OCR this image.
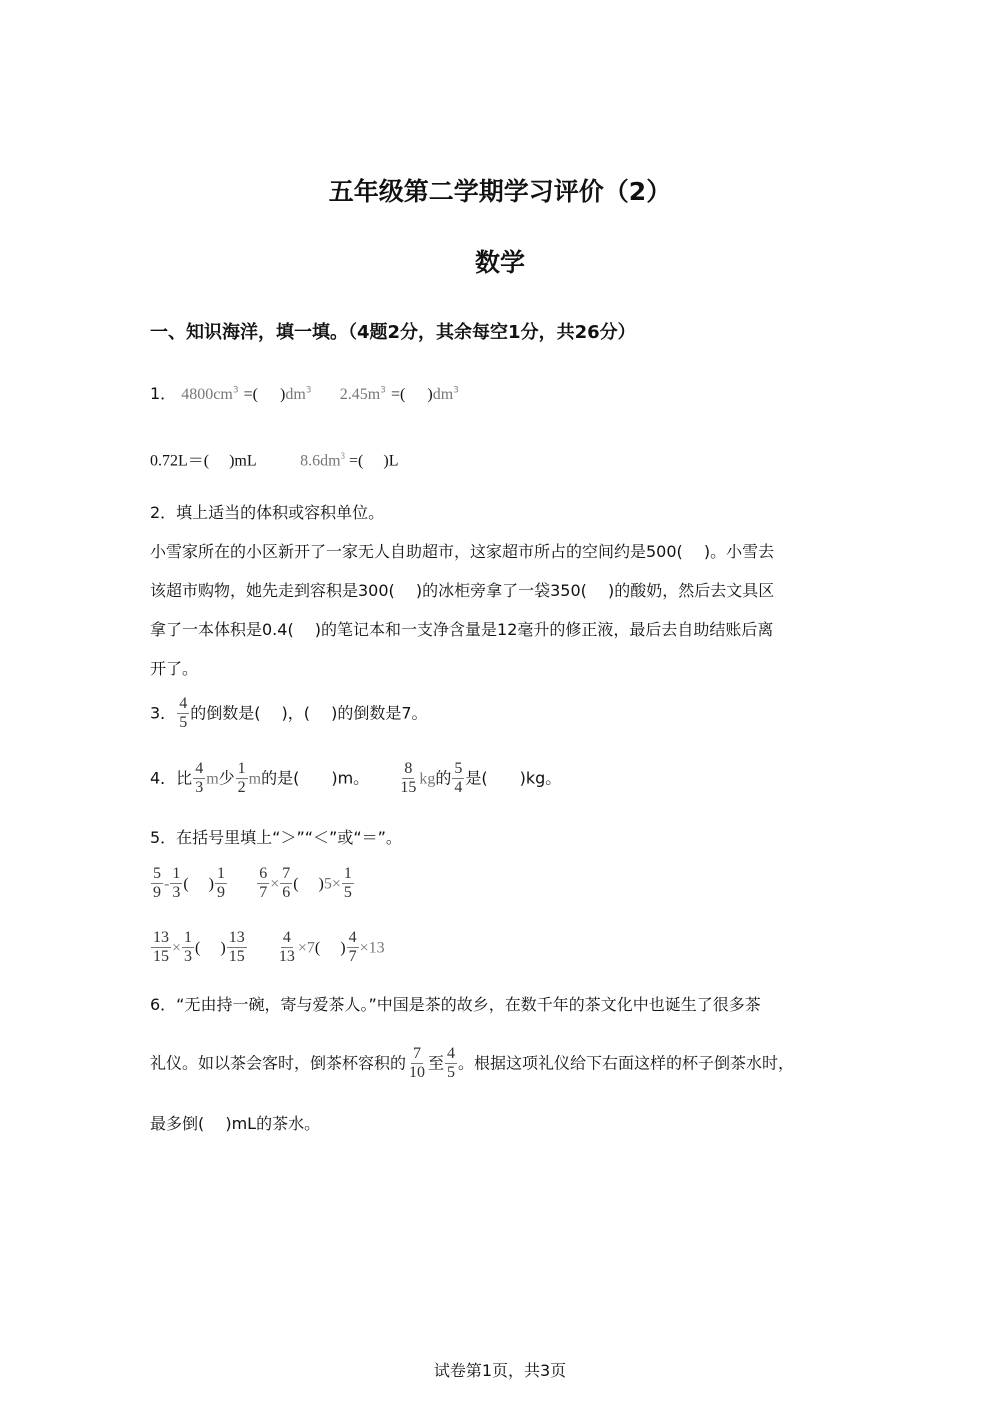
五年级第二学期学习评价（2）
数学
一、知识海洋，填一填。（4题2分，其余每空1分，共26分）
1． $4800cm^3$ =( )$dm^3$ $2.45m^3$ =( )$dm^3$
0.72L＝(　 )mL	$8.6dm^3$ =( )L
2．填上适当的体积或容积单位。
小雪家所在的小区新开了一家无人自助超市，这家超市所占的空间约是500(　 )。小雪去
该超市购物，她先走到容积是300(　 )的冰柜旁拿了一袋350(　 )的酸奶，然后去文具区
拿了一本体积是0.4(　 )的笔记本和一支净含量是12毫升的修正液，最后去自助结账后离
开了。
3． $\frac{4}{5}$ 的倒数是(　 )，(　 )的倒数是7。
4．比 $\frac{4}{3}$ m少 $\frac{1}{2}$ m的是(　　)m。 $\frac{8}{15}$ kg的 $\frac{5}{4}$ 是(　　)kg。
5．在括号里填上“＞”“＜”或“＝”。
$\frac{5}{9} - \frac{1}{3}$ (　 ) $\frac{1}{9}$
$\frac{6}{7} \times \frac{7}{6}$ (　 )$5\times \frac{1}{5}$
$\frac{13}{15} \times \frac{1}{3}$ (　 ) $\frac{13}{15}$
$\frac{4}{13} \times 7$(　 ) $\frac{4}{7} \times 13$
6．“无由持一碗，寄与爱茶人。”中国是茶的故乡，在数千年的茶文化中也诞生了很多茶
礼仪。如以茶会客时，倒茶杯容积的 $\frac{7}{10}$ 至 $\frac{4}{5}$ 。根据这项礼仪给下右面这样的杯子倒茶水时，
最多倒(　 )mL的茶水。
试卷第1页，共3页
